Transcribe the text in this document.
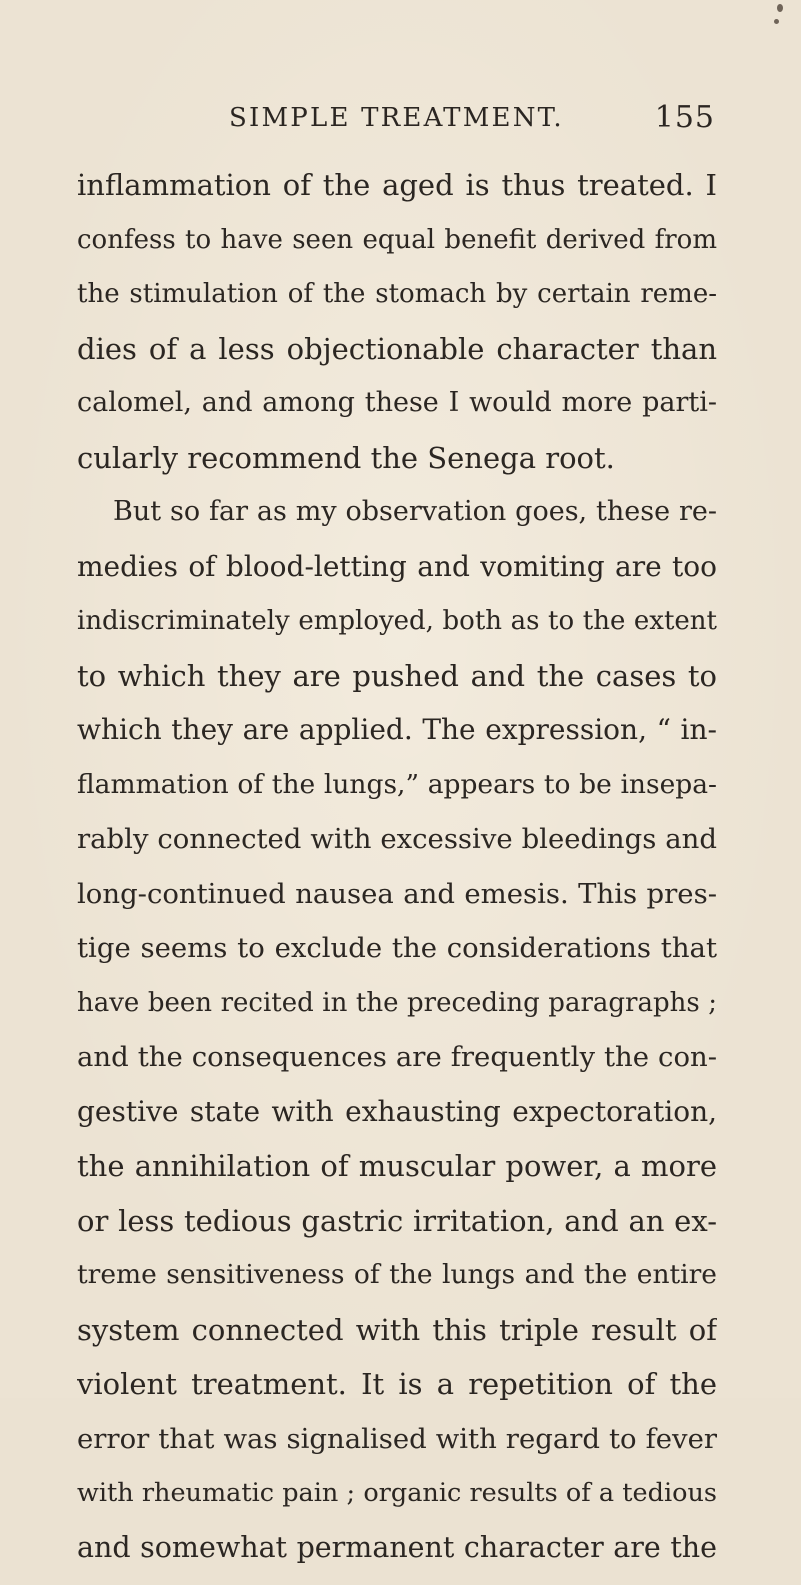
SIMPLE TREATMENT.	155
inflammation of the aged is thus treated. I
confess to have seen equal benefit derived from
the stimulation of the stomach by certain reme-
dies of a less objectionable character than
calomel, and among these I would more parti-
cularly recommend the Senega root.
But so far as my observation goes, these re-
medies of blood-letting and vomiting are too
indiscriminately employed, both as to the extent
to which they are pushed and the cases to
which they are applied. The expression, “ in-
flammation of the lungs,” appears to be insepa-
rably connected with excessive bleedings and
long-continued nausea and emesis. This pres-
tige seems to exclude the considerations that
have been recited in the preceding paragraphs ;
and the consequences are frequently the con-
gestive state with exhausting expectoration,
the annihilation of muscular power, a more
or less tedious gastric irritation, and an ex-
treme sensitiveness of the lungs and the entire
system connected with this triple result of
violent treatment. It is a repetition of the
error that was signalised with regard to fever
with rheumatic pain ; organic results of a tedious
and somewhat permanent character are the
